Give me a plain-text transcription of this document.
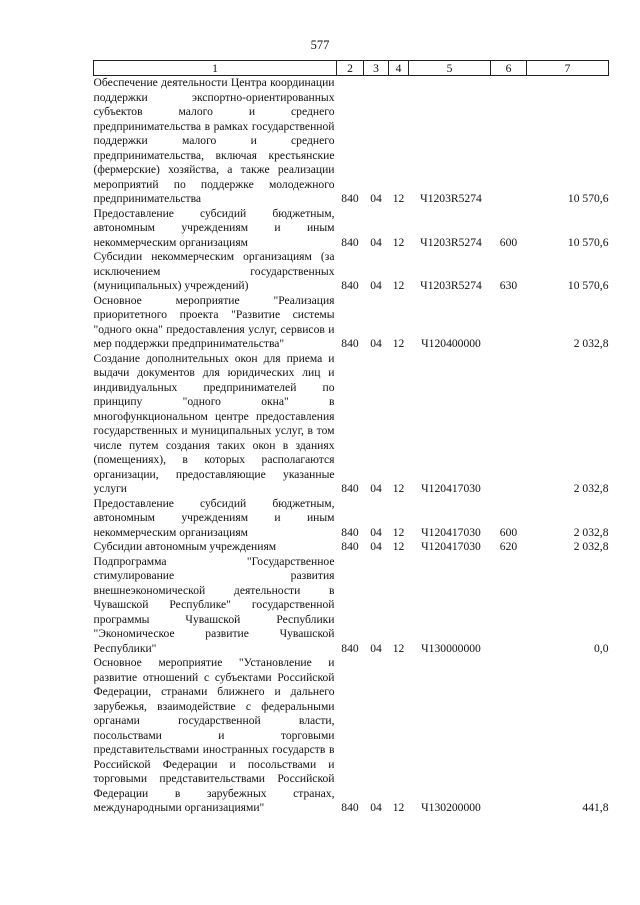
577
1	2	3	4	5	6	7
Обеспечение деятельности Центра координации поддержки экспортно-ориентированных субъектов малого и среднего предпринимательства в рамках государственной поддержки малого и среднего предпринимательства, включая крестьянские (фермерские) хозяйства, а также реализации мероприятий по поддержке молодежного предпринимательства	840	04	12	Ч1203R5274		10 570,6
Предоставление субсидий бюджетным, автономным учреждениям и иным некоммерческим организациям	840	04	12	Ч1203R5274	600	10 570,6
Субсидии некоммерческим организациям (за исключением государственных (муниципальных) учреждений)	840	04	12	Ч1203R5274	630	10 570,6
Основное мероприятие "Реализация приоритетного проекта "Развитие системы "одного окна" предоставления услуг, сервисов и мер поддержки предпринимательства"	840	04	12	Ч120400000		2 032,8
Создание дополнительных окон для приема и выдачи документов для юридических лиц и индивидуальных предпринимателей по принципу "одного окна" в многофункциональном центре предоставления государственных и муниципальных услуг, в том числе путем создания таких окон в зданиях (помещениях), в которых располагаются организации, предоставляющие указанные услуги	840	04	12	Ч120417030		2 032,8
Предоставление субсидий бюджетным, автономным учреждениям и иным некоммерческим организациям	840	04	12	Ч120417030	600	2 032,8
Субсидии автономным учреждениям	840	04	12	Ч120417030	620	2 032,8
Подпрограмма "Государственное стимулирование развития внешнеэкономической деятельности в Чувашской Республике" государственной программы Чувашской Республики "Экономическое развитие Чувашской Республики"	840	04	12	Ч130000000		0,0
Основное мероприятие "Установление и развитие отношений с субъектами Российской Федерации, странами ближнего и дальнего зарубежья, взаимодействие с федеральными органами государственной власти, посольствами и торговыми представительствами иностранных государств в Российской Федерации и посольствами и торговыми представительствами Российской Федерации в зарубежных странах, международными организациями"	840	04	12	Ч130200000		441,8
